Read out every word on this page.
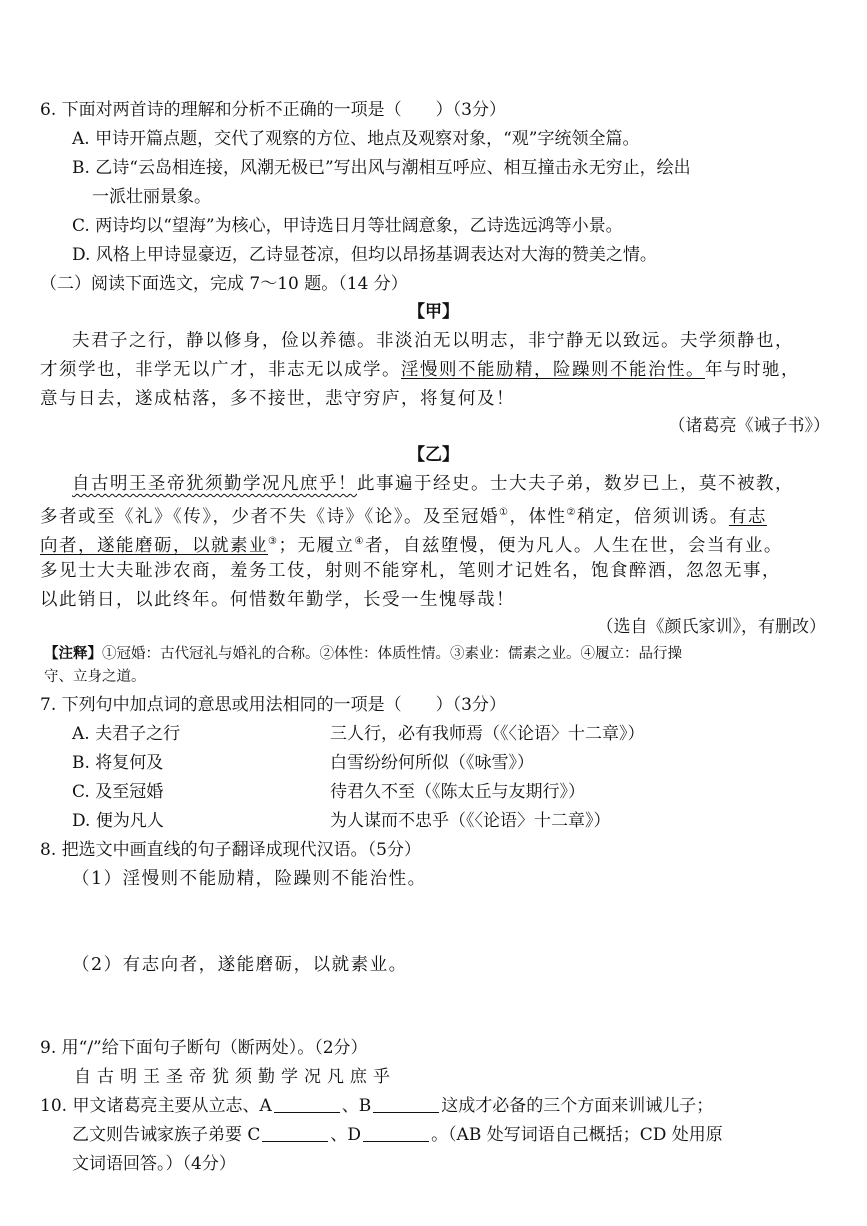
6. 下面对两首诗的理解和分析不正确的一项是（　　）（3分）
A. 甲诗开篇点题，交代了观察的方位、地点及观察对象，“观”字统领全篇。
B. 乙诗“云岛相连接，风潮无极已”写出风与潮相互呼应、相互撞击永无穷止，绘出
一派壮丽景象。
C. 两诗均以“望海”为核心，甲诗选日月等壮阔意象，乙诗选远鸿等小景。
D. 风格上甲诗显豪迈，乙诗显苍凉，但均以昂扬基调表达对大海的赞美之情。
（二）阅读下面选文，完成 7～10 题。（14 分）
【甲】
夫君子之行，静以修身，俭以养德。非淡泊无以明志，非宁静无以致远。夫学须静也，
才须学也，非学无以广才，非志无以成学。淫慢则不能励精，险躁则不能治性。年与时驰，
意与日去，遂成枯落，多不接世，悲守穷庐，将复何及！
（诸葛亮《诫子书》）
【乙】
自古明王圣帝犹须勤学况凡庶乎！此事遍于经史。士大夫子弟，数岁已上，莫不被教，
多者或至《礼》《传》，少者不失《诗》《论》。及至冠婚①，体性②稍定，倍须训诱。有志
向者，遂能磨砺，以就素业③；无履立④者，自兹堕慢，便为凡人。人生在世，会当有业。
多见士大夫耻涉农商，羞务工伎，射则不能穿札，笔则才记姓名，饱食醉酒，忽忽无事，
以此销日，以此终年。何惜数年勤学，长受一生愧辱哉！
（选自《颜氏家训》，有删改）
【注释】①冠婚：古代冠礼与婚礼的合称。②体性：体质性情。③素业：儒素之业。④履立：品行操
守、立身之道。
7. 下列句中加点词的意思或用法相同的一项是（　　）（3分）
A. 夫君子之行	三人行，必有我师焉（《〈论语〉十二章》）
B. 将复何及	白雪纷纷何所似（《咏雪》）
C. 及至冠婚	待君久不至（《陈太丘与友期行》）
D. 便为凡人	为人谋而不忠乎（《〈论语〉十二章》）
8. 把选文中画直线的句子翻译成现代汉语。（5分）
（1）淫慢则不能励精，险躁则不能治性。
（2）有志向者，遂能磨砺，以就素业。
9. 用“/”给下面句子断句（断两处）。（2分）
自古明王圣帝犹须勤学况凡庶乎
10. 甲文诸葛亮主要从立志、A	、B	这成才必备的三个方面来训诫儿子；
乙文则告诫家族子弟要 C	、D	。（AB 处写词语自己概括；CD 处用原
文词语回答。）（4分）
